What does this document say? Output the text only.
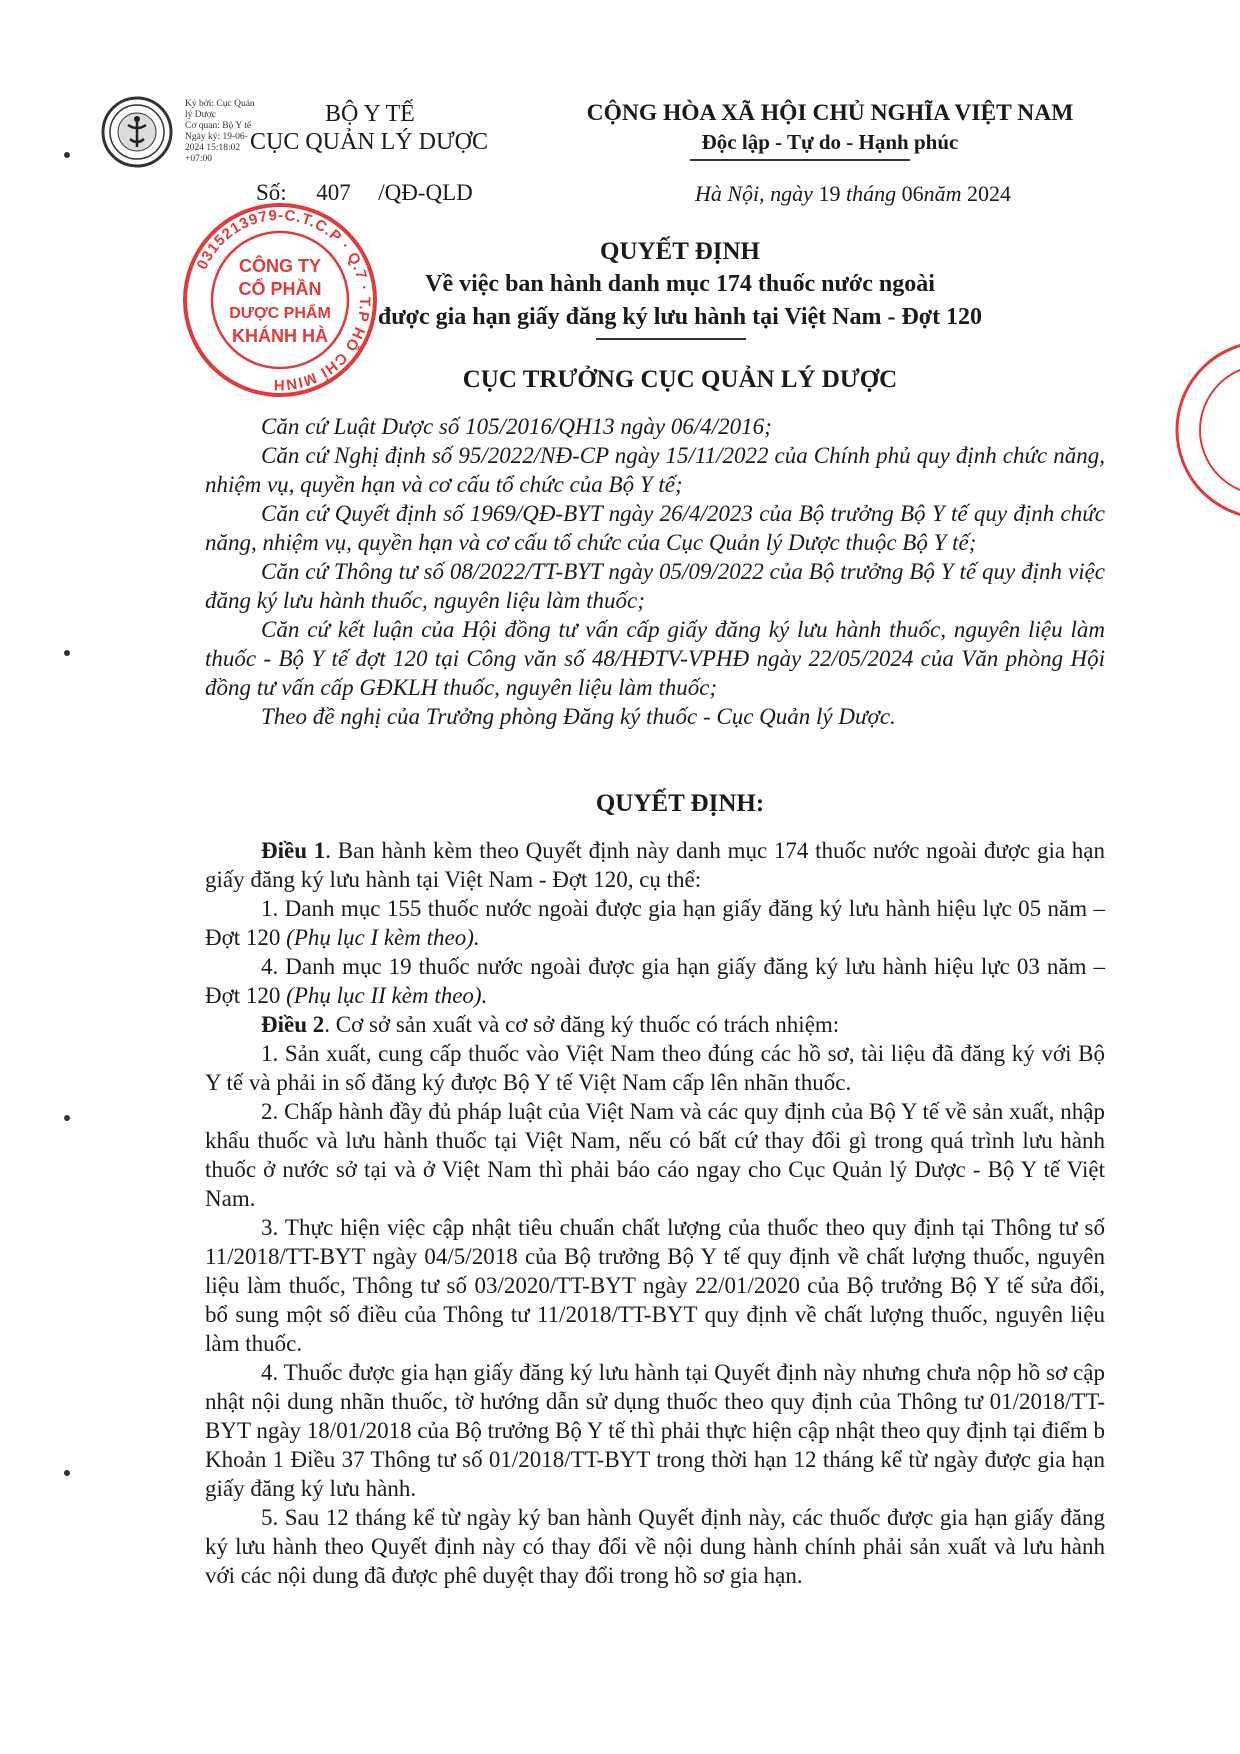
Ký bởi: Cục Quản
lý Dược
Cơ quan: Bộ Y tế
Ngày ký: 19-06-
2024 15:18:02
+07:00
BỘ Y TẾ
CỤC QUẢN LÝ DƯỢC
Số: 407 /QĐ-QLD
CỘNG HÒA XÃ HỘI CHỦ NGHĨA VIỆT NAM
Độc lập - Tự do - Hạnh phúc
Hà Nội, ngày 19 tháng 06năm 2024
0315213979-C.T.C.P · Q.7 · T.P HỒ CHÍ MINH
CÔNG TY
CỔ PHẦN
DƯỢC PHẨM
KHÁNH HÀ
QUYẾT ĐỊNH
Về việc ban hành danh mục 174 thuốc nước ngoài
được gia hạn giấy đăng ký lưu hành tại Việt Nam - Đợt 120
CỤC TRƯỞNG CỤC QUẢN LÝ DƯỢC

Căn cứ Luật Dược số 105/2016/QH13 ngày 06/4/2016;

Căn cứ Nghị định số 95/2022/NĐ-CP ngày 15/11/2022 của Chính phủ quy định chức năng, nhiệm vụ, quyền hạn và cơ cấu tổ chức của Bộ Y tế;

Căn cứ Quyết định số 1969/QĐ-BYT ngày 26/4/2023 của Bộ trưởng Bộ Y tế quy định chức năng, nhiệm vụ, quyền hạn và cơ cấu tổ chức của Cục Quản lý Dược thuộc Bộ Y tế;

Căn cứ Thông tư số 08/2022/TT-BYT ngày 05/09/2022 của Bộ trưởng Bộ Y tế quy định việc đăng ký lưu hành thuốc, nguyên liệu làm thuốc;

Căn cứ kết luận của Hội đồng tư vấn cấp giấy đăng ký lưu hành thuốc, nguyên liệu làm thuốc - Bộ Y tế đợt 120 tại Công văn số 48/HĐTV-VPHĐ ngày 22/05/2024 của Văn phòng Hội đồng tư vấn cấp GĐKLH thuốc, nguyên liệu làm thuốc;

Theo đề nghị của Trưởng phòng Đăng ký thuốc - Cục Quản lý Dược.

QUYẾT ĐỊNH:

Điều 1. Ban hành kèm theo Quyết định này danh mục 174 thuốc nước ngoài được gia hạn giấy đăng ký lưu hành tại Việt Nam - Đợt 120, cụ thể:

1. Danh mục 155 thuốc nước ngoài được gia hạn giấy đăng ký lưu hành hiệu lực 05 năm – Đợt 120 (Phụ lục I kèm theo).

4. Danh mục 19 thuốc nước ngoài được gia hạn giấy đăng ký lưu hành hiệu lực 03 năm – Đợt 120 (Phụ lục II kèm theo).

Điều 2. Cơ sở sản xuất và cơ sở đăng ký thuốc có trách nhiệm:

1. Sản xuất, cung cấp thuốc vào Việt Nam theo đúng các hồ sơ, tài liệu đã đăng ký với Bộ Y tế và phải in số đăng ký được Bộ Y tế Việt Nam cấp lên nhãn thuốc.

2. Chấp hành đầy đủ pháp luật của Việt Nam và các quy định của Bộ Y tế về sản xuất, nhập khẩu thuốc và lưu hành thuốc tại Việt Nam, nếu có bất cứ thay đổi gì trong quá trình lưu hành thuốc ở nước sở tại và ở Việt Nam thì phải báo cáo ngay cho Cục Quản lý Dược - Bộ Y tế Việt Nam.

3. Thực hiện việc cập nhật tiêu chuẩn chất lượng của thuốc theo quy định tại Thông tư số 11/2018/TT-BYT ngày 04/5/2018 của Bộ trưởng Bộ Y tế quy định về chất lượng thuốc, nguyên liệu làm thuốc, Thông tư số 03/2020/TT-BYT ngày 22/01/2020 của Bộ trưởng Bộ Y tế sửa đổi, bổ sung một số điều của Thông tư 11/2018/TT-BYT quy định về chất lượng thuốc, nguyên liệu làm thuốc.

4. Thuốc được gia hạn giấy đăng ký lưu hành tại Quyết định này nhưng chưa nộp hồ sơ cập nhật nội dung nhãn thuốc, tờ hướng dẫn sử dụng thuốc theo quy định của Thông tư 01/2018/TT-BYT ngày 18/01/2018 của Bộ trưởng Bộ Y tế thì phải thực hiện cập nhật theo quy định tại điểm b Khoản 1 Điều 37 Thông tư số 01/2018/TT-BYT trong thời hạn 12 tháng kể từ ngày được gia hạn giấy đăng ký lưu hành.

5. Sau 12 tháng kể từ ngày ký ban hành Quyết định này, các thuốc được gia hạn giấy đăng ký lưu hành theo Quyết định này có thay đổi về nội dung hành chính phải sản xuất và lưu hành với các nội dung đã được phê duyệt thay đổi trong hồ sơ gia hạn.
